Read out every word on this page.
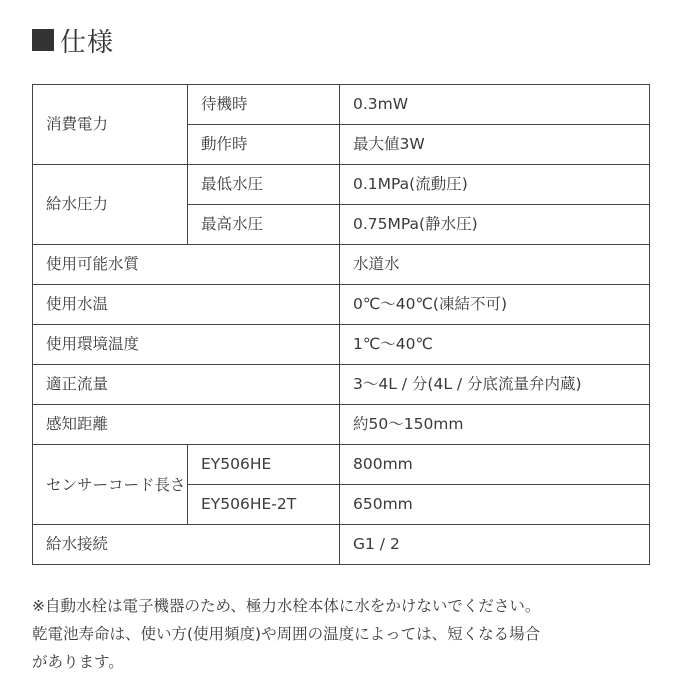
仕様
消費電力	待機時	0.3mW
	動作時	最大値3W
給水圧力	最低水圧	0.1MPa(流動圧)
	最高水圧	0.75MPa(静水圧)
使用可能水質		水道水
使用水温		0℃〜40℃(凍結不可)
使用環境温度		1℃〜40℃
適正流量		3〜4L / 分(4L / 分底流量弁内蔵)
感知距離		約50〜150mm
センサーコード長さ	EY506HE	800mm
	EY506HE-2T	650mm
給水接続		G1 / 2

※自動水栓は電子機器のため、極力水栓本体に水をかけないでください。

乾電池寿命は、使い方(使用頻度)や周囲の温度によっては、短くなる場合

があります。
